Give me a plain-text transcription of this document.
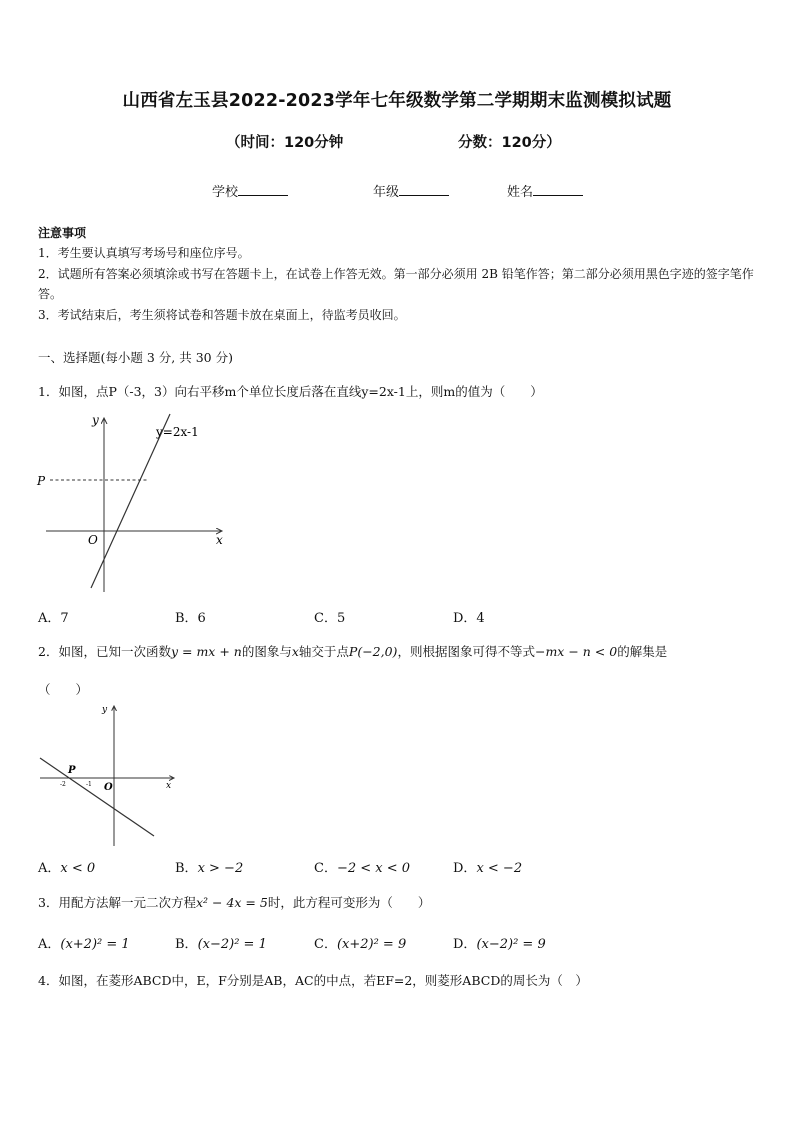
山西省左玉县2022-2023学年七年级数学第二学期期末监测模拟试题
（时间：120分钟	分数：120分）
学校	年级	姓名
注意事项
1．考生要认真填写考场号和座位序号。
2．试题所有答案必须填涂或书写在答题卡上，在试卷上作答无效。第一部分必须用 2B 铅笔作答；第二部分必须用黑色字迹的签字笔作答。
3．考试结束后，考生须将试卷和答题卡放在桌面上，待监考员收回。
一、选择题(每小题 3 分, 共 30 分)
1．如图，点P（-3，3）向右平移m个单位长度后落在直线y=2x-1上，则m的值为（　　）
y
x
O
P
y=2x-1
A．7	B．6	C．5	D．4
2．如图，已知一次函数y = mx + n的图象与x轴交于点P(−2,0)，则根据图象可得不等式−mx − n < 0的解集是
（　　）
y
x
O
P
-2	-1
A．x < 0	B．x > −2	C．−2 < x < 0	D．x < −2
3．用配方法解一元二次方程x² − 4x = 5时，此方程可变形为（　　）
A．(x+2)² = 1	B．(x−2)² = 1	C．(x+2)² = 9	D．(x−2)² = 9
4．如图，在菱形ABCD中，E，F分别是AB，AC的中点，若EF=2，则菱形ABCD的周长为（　）
